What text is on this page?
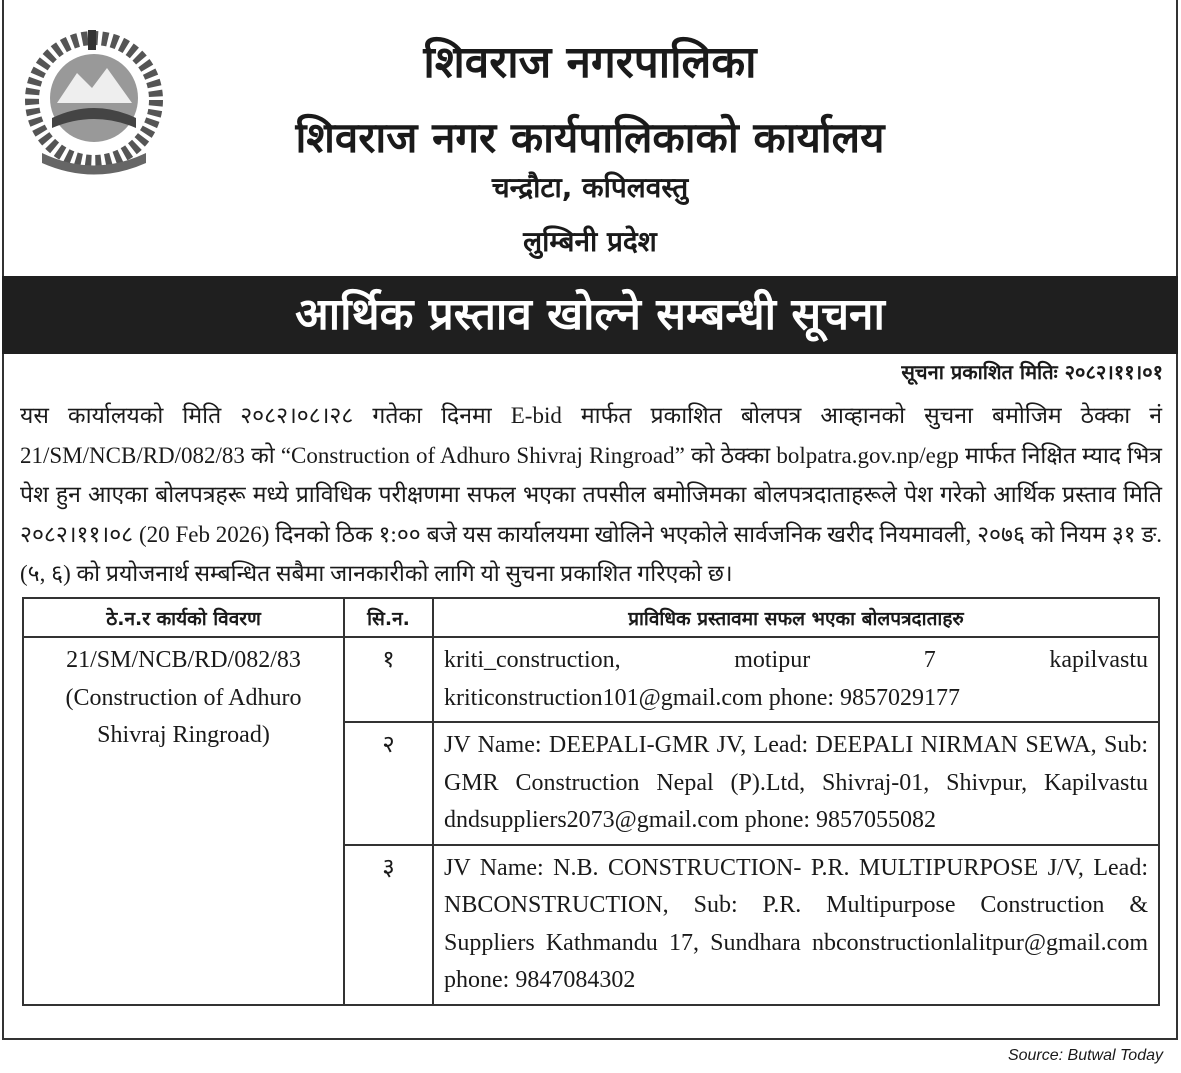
शिवराज नगरपालिका
शिवराज नगर कार्यपालिकाको कार्यालय
चन्द्रौटा, कपिलवस्तु
लुम्बिनी प्रदेश
आर्थिक प्रस्ताव खोल्ने सम्बन्धी सूचना
सूचना प्रकाशित मितिः २०८२।११।०१
यस कार्यालयको मिति २०८२।०८।२८ गतेका दिनमा E-bid मार्फत प्रकाशित बोलपत्र आव्हानको सुचना बमोजिम ठेक्का नं 21/SM/NCB/RD/082/83 को “Construction of Adhuro Shivraj Ringroad” को ठेक्का bolpatra.gov.np/egp मार्फत निक्षित म्याद भित्र पेश हुन आएका बोलपत्रहरू मध्ये प्राविधिक परीक्षणमा सफल भएका तपसील बमोजिमका बोलपत्रदाताहरूले पेश गरेको आर्थिक प्रस्ताव मिति २०८२।११।०८ (20 Feb 2026) दिनको ठिक १:०० बजे यस कार्यालयमा खोलिने भएकोले सार्वजनिक खरीद नियमावली, २०७६ को नियम ३१ ङ. (५, ६) को प्रयोजनार्थ सम्बन्धित सबैमा जानकारीको लागि यो सुचना प्रकाशित गरिएको छ।
ठे.न.र कार्यको विवरण	सि.न.	प्राविधिक प्रस्तावमा सफल भएका बोलपत्रदाताहरु
21/SM/NCB/RD/082/83 (Construction of Adhuro Shivraj Ringroad)	१	kriti_construction, motipur 7 kapilvastu kriticonstruction101@gmail.com phone: 9857029177
	२	JV Name: DEEPALI-GMR JV, Lead: DEEPALI NIRMAN SEWA, Sub: GMR Construction Nepal (P).Ltd, Shivraj-01, Shivpur, Kapilvastu dndsuppliers2073@gmail.com phone: 9857055082
	३	JV Name: N.B. CONSTRUCTION- P.R. MULTIPURPOSE J/V, Lead: NBCONSTRUCTION, Sub: P.R. Multipurpose Construction & Suppliers Kathmandu 17, Sundhara nbconstructionlalitpur@gmail.com phone: 9847084302
Source: Butwal Today
